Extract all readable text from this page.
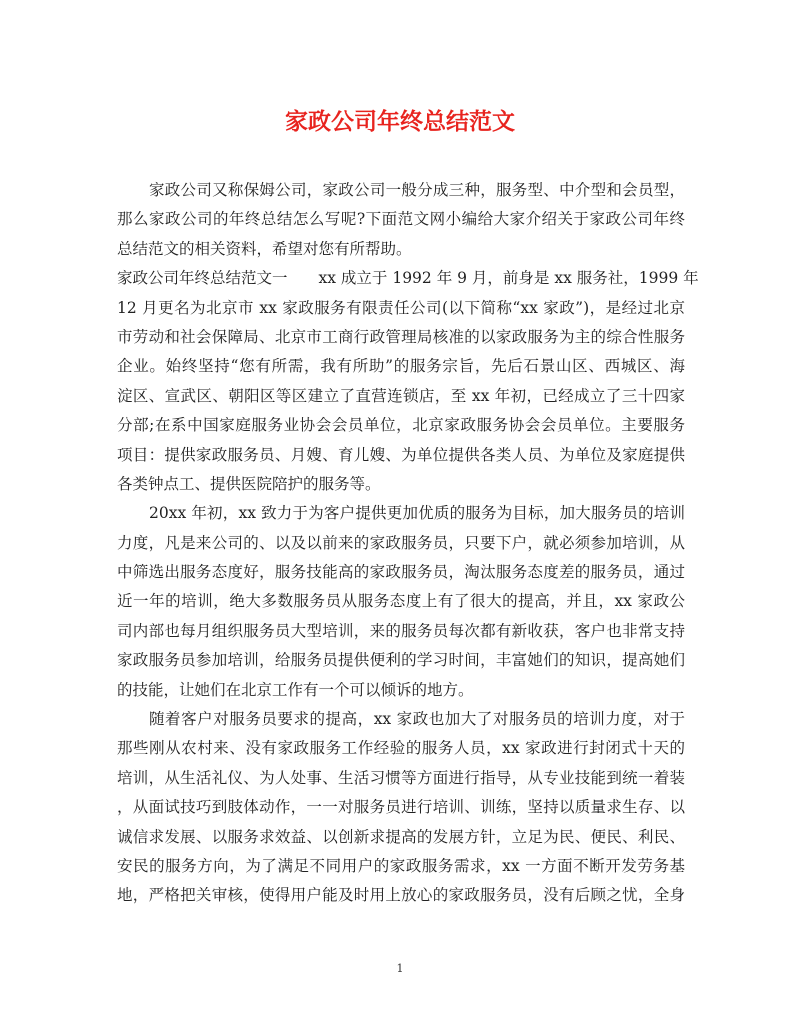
家政公司年终总结范文
家政公司又称保姆公司，家政公司一般分成三种，服务型、中介型和会员型，
那么家政公司的年终总结怎么写呢?下面范文网小编给大家介绍关于家政公司年终
总结范文的相关资料，希望对您有所帮助。
家政公司年终总结范文一　　xx 成立于 1992 年 9 月，前身是 xx 服务社，1999 年
12 月更名为北京市 xx 家政服务有限责任公司(以下简称“xx 家政”)，是经过北京
市劳动和社会保障局、北京市工商行政管理局核准的以家政服务为主的综合性服务
企业。始终坚持“您有所需，我有所助”的服务宗旨，先后石景山区、西城区、海
淀区、宣武区、朝阳区等区建立了直营连锁店，至 xx 年初，已经成立了三十四家
分部;在系中国家庭服务业协会会员单位，北京家政服务协会会员单位。主要服务
项目：提供家政服务员、月嫂、育儿嫂、为单位提供各类人员、为单位及家庭提供
各类钟点工、提供医院陪护的服务等。
20xx 年初，xx 致力于为客户提供更加优质的服务为目标，加大服务员的培训
力度，凡是来公司的、以及以前来的家政服务员，只要下户，就必须参加培训，从
中筛选出服务态度好，服务技能高的家政服务员，淘汰服务态度差的服务员，通过
近一年的培训，绝大多数服务员从服务态度上有了很大的提高，并且，xx 家政公
司内部也每月组织服务员大型培训，来的服务员每次都有新收获，客户也非常支持
家政服务员参加培训，给服务员提供便利的学习时间，丰富她们的知识，提高她们
的技能，让她们在北京工作有一个可以倾诉的地方。
随着客户对服务员要求的提高，xx 家政也加大了对服务员的培训力度，对于
那些刚从农村来、没有家政服务工作经验的服务人员，xx 家政进行封闭式十天的
培训，从生活礼仪、为人处事、生活习惯等方面进行指导，从专业技能到统一着装
，从面试技巧到肢体动作，一一对服务员进行培训、训练，坚持以质量求生存、以
诚信求发展、以服务求效益、以创新求提高的发展方针，立足为民、便民、利民、
安民的服务方向，为了满足不同用户的家政服务需求，xx 一方面不断开发劳务基
地，严格把关审核，使得用户能及时用上放心的家政服务员，没有后顾之忧，全身
1
